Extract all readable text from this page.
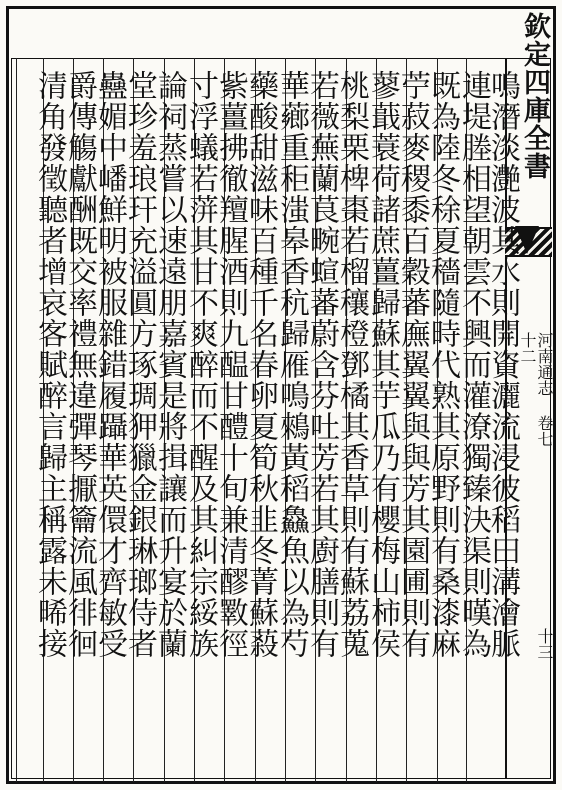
欽定四庫全書
河南通志 卷七十二
十三
鳴潛淡灔波其水則開資灑流浸彼稻田溝澮脈
連堤塍相望朝雲不興而灌潦獨臻決渠則暵為
既為陸冬稌夏穡隨時代熟其原野則有桑漆麻
苧菽麥稷黍百穀蕃廡翼翼與與芳其園圃則有
蓼蕺蓑荷諸蔗薑歸蘇其芋瓜乃有櫻梅山柿侯
桃梨栗椑棗若榴穰橙鄧橘其香草則有蘇荔蒐
若薇蕪蘭茛畹蝖蕃蔚含芬吐芳若其廚膳則有
華薌重秬滍皋香秔歸雁鳴鶆黃稻鱻魚以為芍
藥酸甜滋味百種千名春卵夏筍秋韭冬菁蘇蔱
紫薑拂徹羶腥酒則九醖甘醴十旬兼清醪斁徑
寸浮蟻若蓱其甘不爽醉而不醒及其糾宗綏族
論祠蒸嘗以速遠朋嘉賓是將揖讓而升宴於蘭
堂珍羞琅玕充溢圓方琢琱狎獵金銀琳瑯侍者
蠱媚中嶓鮮明被服雜錯履躡華英儇才齊敏受
爵傳觴獻酬既交率禮無違彈琴擫籥流風徘徊
清角發徵聽者增哀客賦醉言歸主稱露未晞接
